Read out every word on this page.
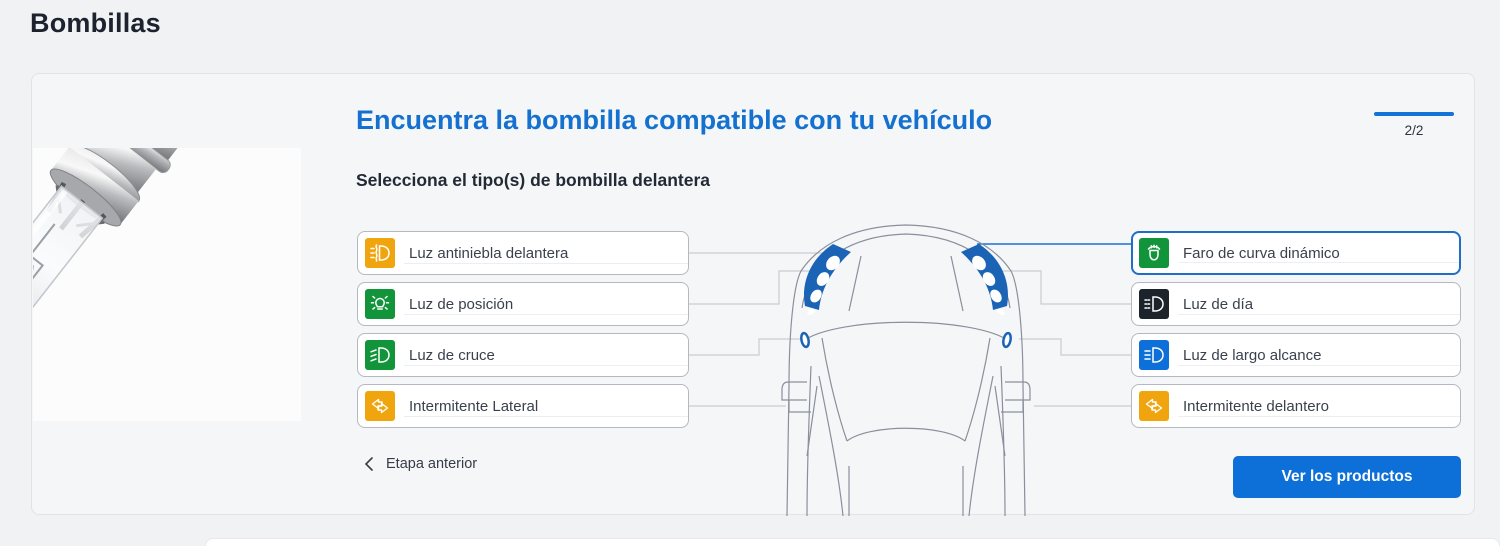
Bombillas
Encuentra la bombilla compatible con tu vehículo	2/2
Selecciona el tipo(s) de bombilla delantera
Luz antiniebla delantera
Luz de posición
Luz de cruce
Intermitente Lateral
Faro de curva dinámico
Luz de día
Luz de largo alcance
Intermitente delantero
Etapa anterior
Ver los productos
